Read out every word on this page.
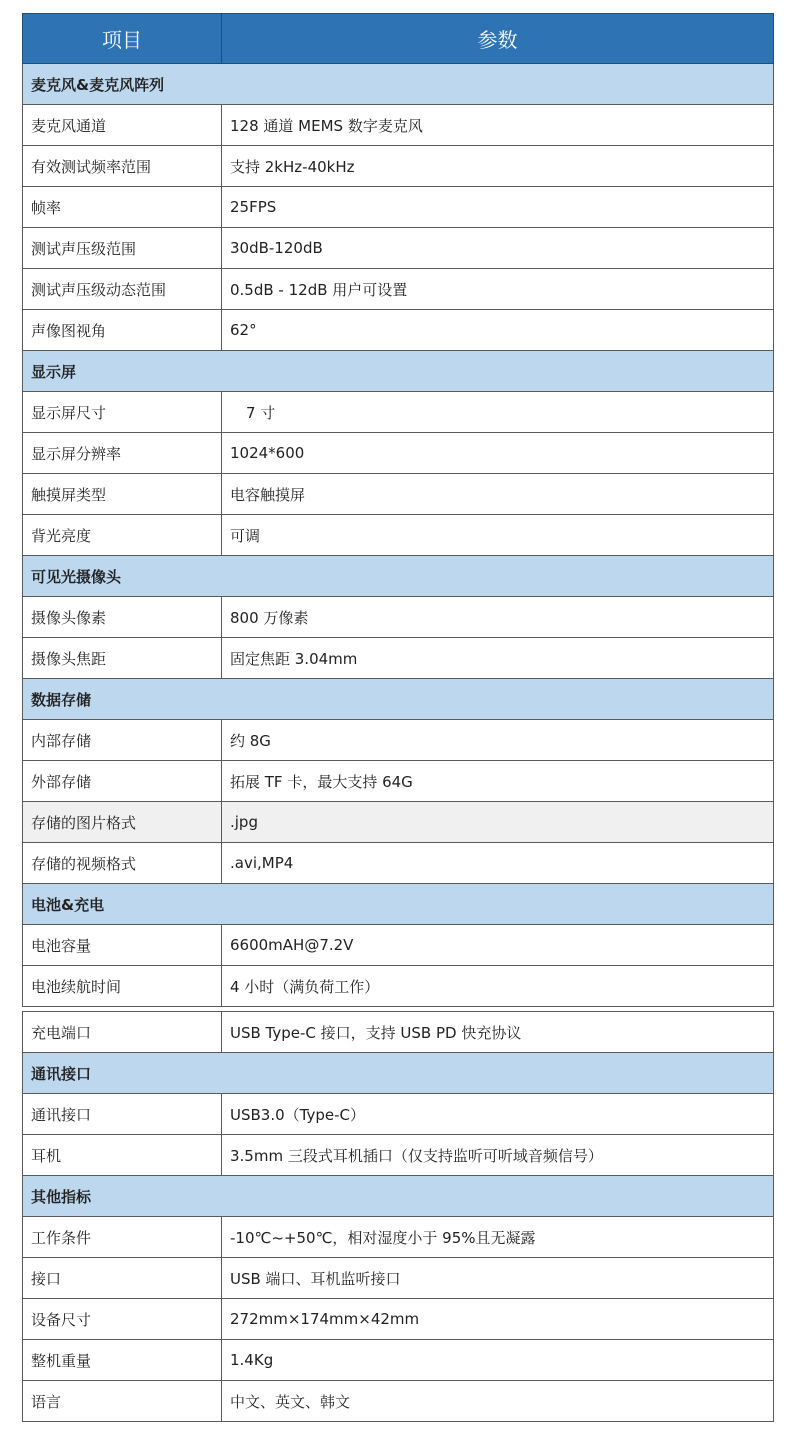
项目	参数
麦克风&麦克风阵列	
麦克风通道	128 通道 MEMS 数字麦克风
有效测试频率范围	支持 2kHz-40kHz
帧率	25FPS
测试声压级范围	30dB-120dB
测试声压级动态范围	0.5dB - 12dB 用户可设置
声像图视角	62°
显示屏	
显示屏尺寸	7 寸
显示屏分辨率	1024*600
触摸屏类型	电容触摸屏
背光亮度	可调
可见光摄像头	
摄像头像素	800 万像素
摄像头焦距	固定焦距 3.04mm
数据存储	
内部存储	约 8G
外部存储	拓展 TF 卡，最大支持 64G
存储的图片格式	.jpg
存储的视频格式	.avi,MP4
电池&充电	
电池容量	6600mAH@7.2V
电池续航时间	4 小时（满负荷工作）

充电端口	USB Type-C 接口，支持 USB PD 快充协议
通讯接口	
通讯接口	USB3.0（Type-C）
耳机	3.5mm 三段式耳机插口（仅支持监听可听域音频信号）
其他指标	
工作条件	-10℃~+50℃，相对湿度小于 95%且无凝露
接口	USB 端口、耳机监听接口
设备尺寸	272mm×174mm×42mm
整机重量	1.4Kg
语言	中文、英文、韩文
